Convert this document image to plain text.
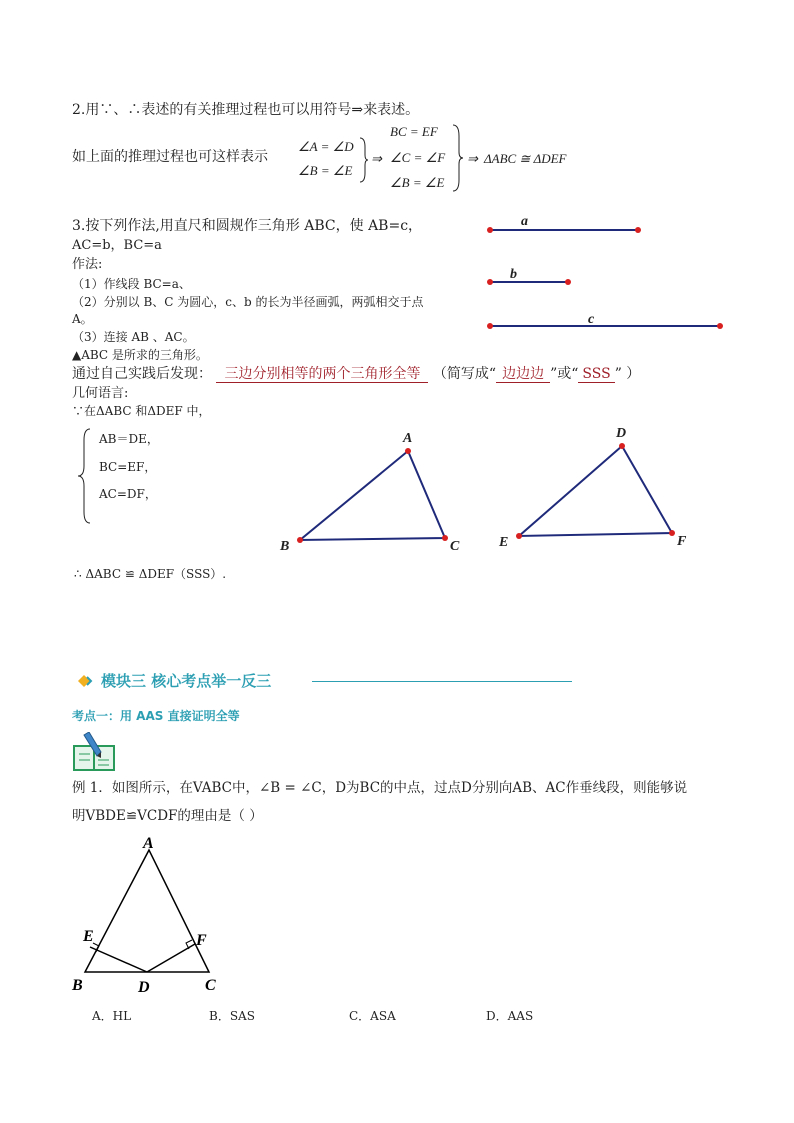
2.用∵、∴表述的有关推理过程也可以用符号⇒来表述。
如上面的推理过程也可这样表示
∠A = ∠D
∠B = ∠E
⇒
BC = EF
∠C = ∠F
∠B = ∠E
⇒ ΔABC ≅ ΔDEF
3.按下列作法,用直尺和圆规作三角形 ABC，使 AB=c，
AC=b，BC=a
作法:
（1）作线段 BC=a、
（2）分别以 B、C 为圆心，c、b 的长为半径画弧，两弧相交于点
A。
（3）连接 AB 、AC。
▲ABC 是所求的三角形。
通过自己实践后发现： 三边分别相等的两个三角形全等 （简写成“ 边边边 ”或“ SSS ” ）
几何语言:
∵在ΔABC 和ΔDEF 中，
AB＝DE，
BC=EF，
AC=DF，
∴ ΔABC ≌ ΔDEF（SSS）.
a
b
c
A
B	C
D
E	F
模块三 核心考点举一反三
考点一：用 AAS 直接证明全等
例 1．如图所示，在VABC中，∠B = ∠C，D为BC的中点，过点D分别向AB、AC作垂线段，则能够说
明VBDE≌VCDF的理由是（ ）
A
B	C
D
E	F
A．HL	B．SAS	C．ASA	D．AAS
